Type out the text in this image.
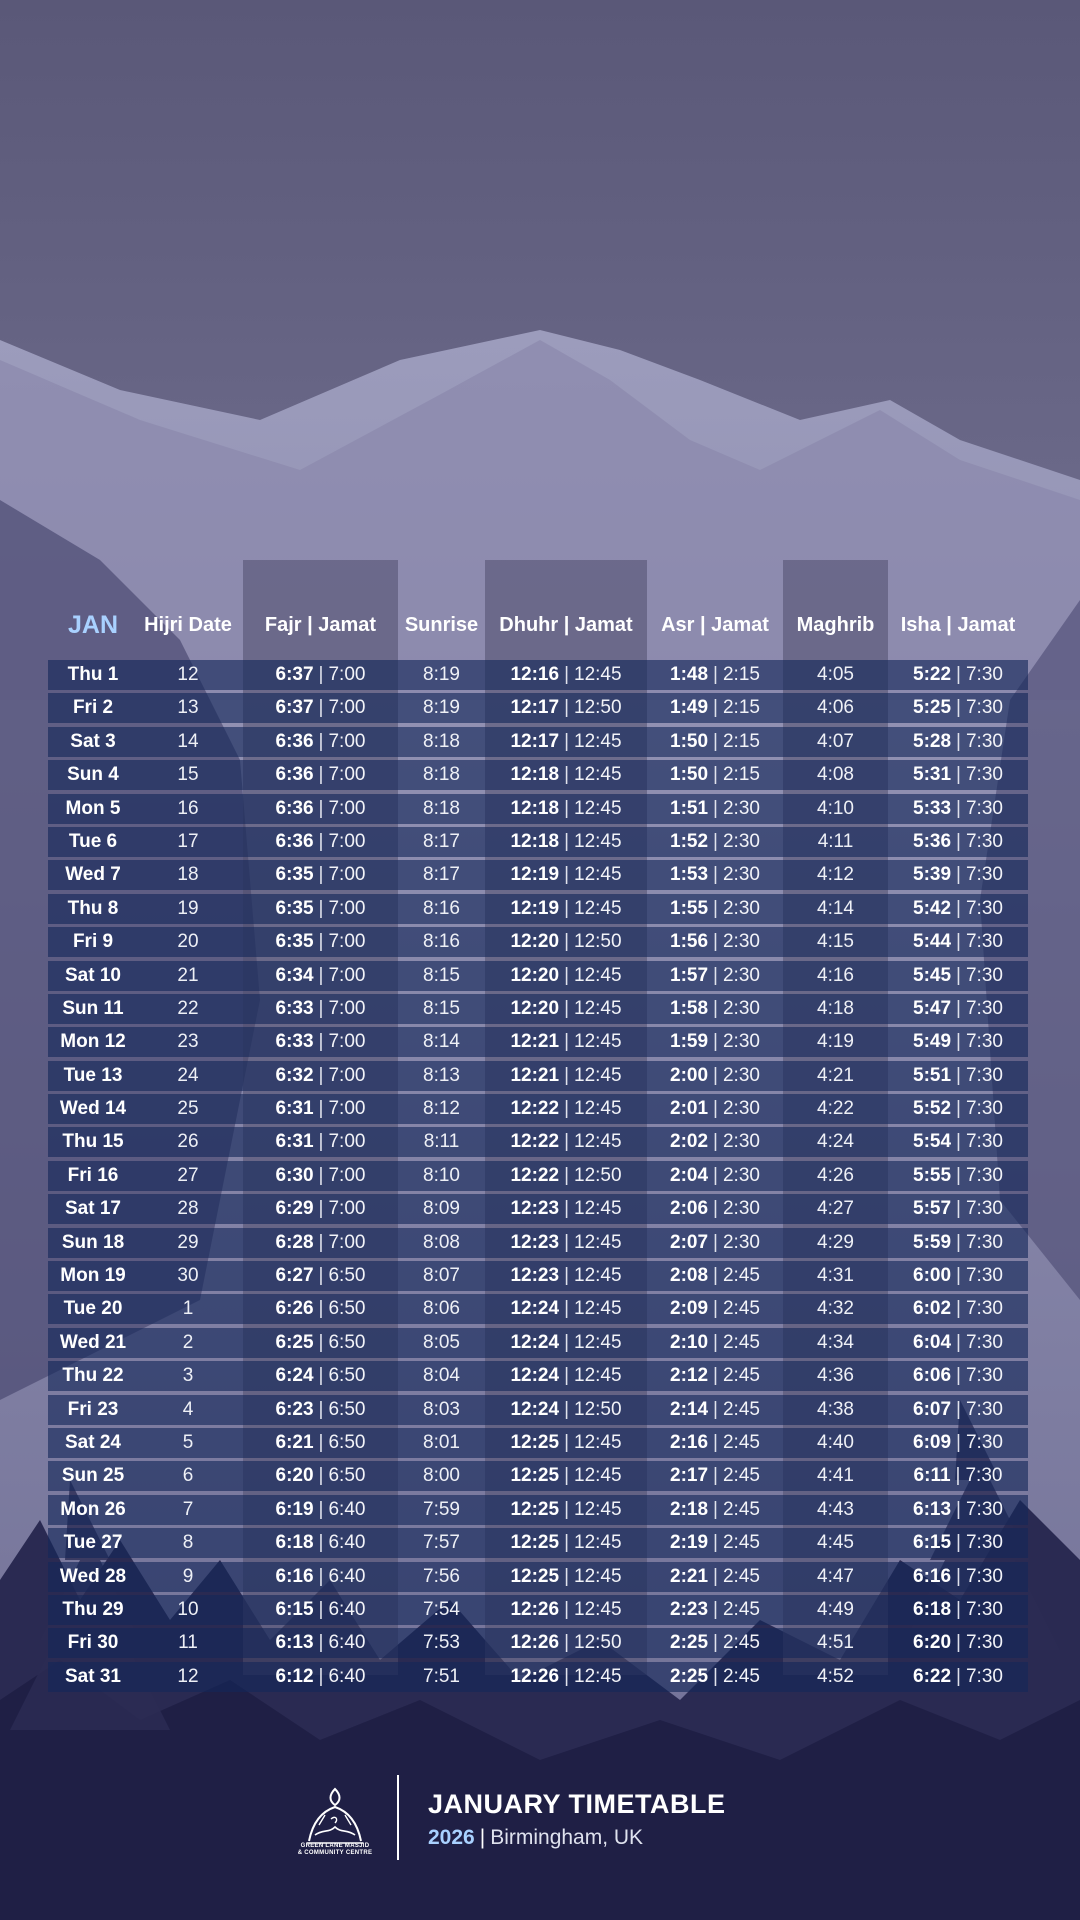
JAN	Hijri Date	Fajr | Jamat	Sunrise	Dhuhr | Jamat	Asr | Jamat	Maghrib	Isha | Jamat
Thu 1	12	6:37 | 7:00	8:19	12:16 | 12:45	1:48 | 2:15	4:05	5:22 | 7:30
Fri 2	13	6:37 | 7:00	8:19	12:17 | 12:50	1:49 | 2:15	4:06	5:25 | 7:30
Sat 3	14	6:36 | 7:00	8:18	12:17 | 12:45	1:50 | 2:15	4:07	5:28 | 7:30
Sun 4	15	6:36 | 7:00	8:18	12:18 | 12:45	1:50 | 2:15	4:08	5:31 | 7:30
Mon 5	16	6:36 | 7:00	8:18	12:18 | 12:45	1:51 | 2:30	4:10	5:33 | 7:30
Tue 6	17	6:36 | 7:00	8:17	12:18 | 12:45	1:52 | 2:30	4:11	5:36 | 7:30
Wed 7	18	6:35 | 7:00	8:17	12:19 | 12:45	1:53 | 2:30	4:12	5:39 | 7:30
Thu 8	19	6:35 | 7:00	8:16	12:19 | 12:45	1:55 | 2:30	4:14	5:42 | 7:30
Fri 9	20	6:35 | 7:00	8:16	12:20 | 12:50	1:56 | 2:30	4:15	5:44 | 7:30
Sat 10	21	6:34 | 7:00	8:15	12:20 | 12:45	1:57 | 2:30	4:16	5:45 | 7:30
Sun 11	22	6:33 | 7:00	8:15	12:20 | 12:45	1:58 | 2:30	4:18	5:47 | 7:30
Mon 12	23	6:33 | 7:00	8:14	12:21 | 12:45	1:59 | 2:30	4:19	5:49 | 7:30
Tue 13	24	6:32 | 7:00	8:13	12:21 | 12:45	2:00 | 2:30	4:21	5:51 | 7:30
Wed 14	25	6:31 | 7:00	8:12	12:22 | 12:45	2:01 | 2:30	4:22	5:52 | 7:30
Thu 15	26	6:31 | 7:00	8:11	12:22 | 12:45	2:02 | 2:30	4:24	5:54 | 7:30
Fri 16	27	6:30 | 7:00	8:10	12:22 | 12:50	2:04 | 2:30	4:26	5:55 | 7:30
Sat 17	28	6:29 | 7:00	8:09	12:23 | 12:45	2:06 | 2:30	4:27	5:57 | 7:30
Sun 18	29	6:28 | 7:00	8:08	12:23 | 12:45	2:07 | 2:30	4:29	5:59 | 7:30
Mon 19	30	6:27 | 6:50	8:07	12:23 | 12:45	2:08 | 2:45	4:31	6:00 | 7:30
Tue 20	1	6:26 | 6:50	8:06	12:24 | 12:45	2:09 | 2:45	4:32	6:02 | 7:30
Wed 21	2	6:25 | 6:50	8:05	12:24 | 12:45	2:10 | 2:45	4:34	6:04 | 7:30
Thu 22	3	6:24 | 6:50	8:04	12:24 | 12:45	2:12 | 2:45	4:36	6:06 | 7:30
Fri 23	4	6:23 | 6:50	8:03	12:24 | 12:50	2:14 | 2:45	4:38	6:07 | 7:30
Sat 24	5	6:21 | 6:50	8:01	12:25 | 12:45	2:16 | 2:45	4:40	6:09 | 7:30
Sun 25	6	6:20 | 6:50	8:00	12:25 | 12:45	2:17 | 2:45	4:41	6:11 | 7:30
Mon 26	7	6:19 | 6:40	7:59	12:25 | 12:45	2:18 | 2:45	4:43	6:13 | 7:30
Tue 27	8	6:18 | 6:40	7:57	12:25 | 12:45	2:19 | 2:45	4:45	6:15 | 7:30
Wed 28	9	6:16 | 6:40	7:56	12:25 | 12:45	2:21 | 2:45	4:47	6:16 | 7:30
Thu 29	10	6:15 | 6:40	7:54	12:26 | 12:45	2:23 | 2:45	4:49	6:18 | 7:30
Fri 30	11	6:13 | 6:40	7:53	12:26 | 12:50	2:25 | 2:45	4:51	6:20 | 7:30
Sat 31	12	6:12 | 6:40	7:51	12:26 | 12:45	2:25 | 2:45	4:52	6:22 | 7:30
GREEN LANE MASJID
& COMMUNITY CENTRE
JANUARY TIMETABLE
2026 | Birmingham, UK
